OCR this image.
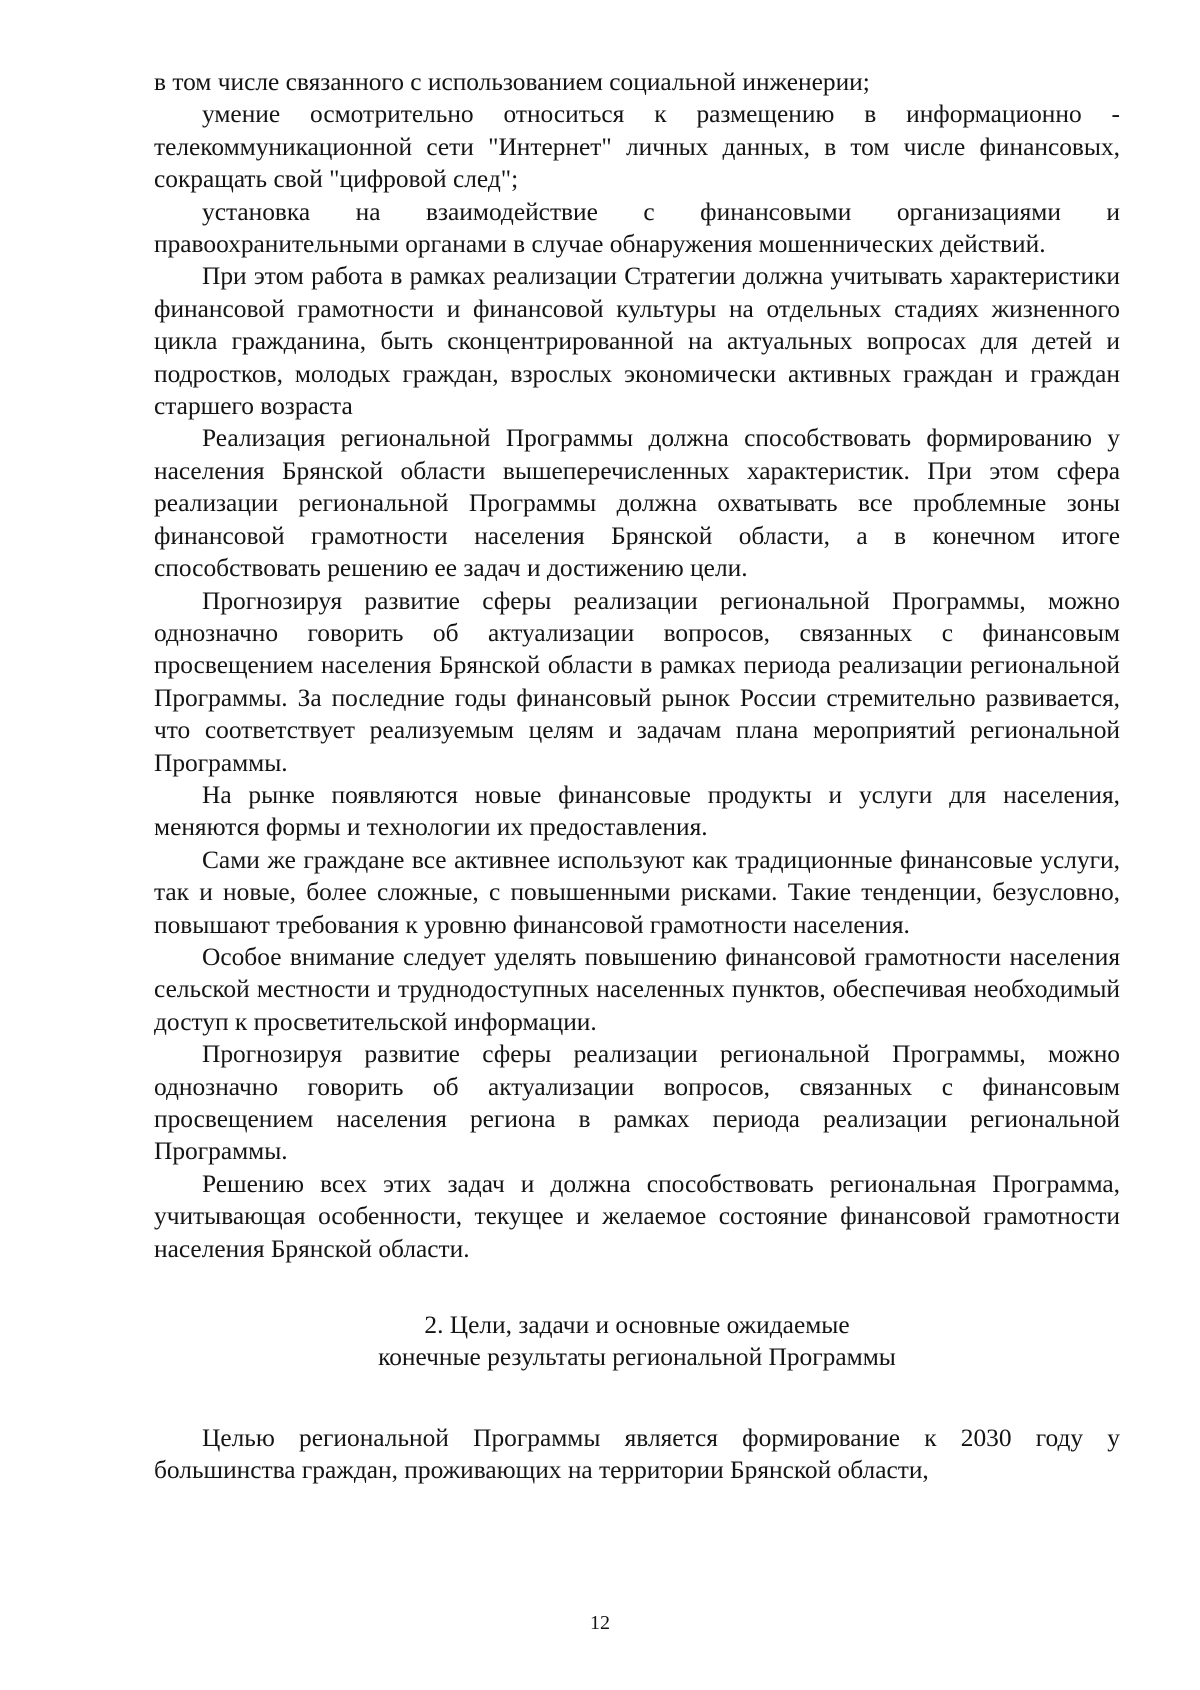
в том числе связанного с использованием социальной инженерии;

умение осмотрительно относиться к размещению в информационно - телекоммуникационной сети "Интернет" личных данных, в том числе финансовых, сокращать свой "цифровой след";

установка на взаимодействие с финансовыми организациями и правоохранительными органами в случае обнаружения мошеннических действий.

При этом работа в рамках реализации Стратегии должна учитывать характеристики финансовой грамотности и финансовой культуры на отдельных стадиях жизненного цикла гражданина, быть сконцентрированной на актуальных вопросах для детей и подростков, молодых граждан, взрослых экономически активных граждан и граждан старшего возраста

Реализация региональной Программы должна способствовать формированию у населения Брянской области вышеперечисленных характеристик. При этом сфера реализации региональной Программы должна охватывать все проблемные зоны финансовой грамотности населения Брянской области, а в конечном итоге способствовать решению ее задач и достижению цели.

Прогнозируя развитие сферы реализации региональной Программы, можно однозначно говорить об актуализации вопросов, связанных с финансовым просвещением населения Брянской области в рамках периода реализации региональной Программы. За последние годы финансовый рынок России стремительно развивается, что соответствует реализуемым целям и задачам плана мероприятий региональной Программы.

На рынке появляются новые финансовые продукты и услуги для населения, меняются формы и технологии их предоставления.

Сами же граждане все активнее используют как традиционные финансовые услуги, так и новые, более сложные, с повышенными рисками. Такие тенденции, безусловно, повышают требования к уровню финансовой грамотности населения.

Особое внимание следует уделять повышению финансовой грамотности населения сельской местности и труднодоступных населенных пунктов, обеспечивая необходимый доступ к просветительской информации.

Прогнозируя развитие сферы реализации региональной Программы, можно однозначно говорить об актуализации вопросов, связанных с финансовым просвещением населения региона в рамках периода реализации региональной Программы.

Решению всех этих задач и должна способствовать региональная Программа, учитывающая особенности, текущее и желаемое состояние финансовой грамотности населения Брянской области.

2. Цели, задачи и основные ожидаемые
конечные результаты региональной Программы

Целью региональной Программы является формирование к 2030 году у большинства граждан, проживающих на территории Брянской области,

12
